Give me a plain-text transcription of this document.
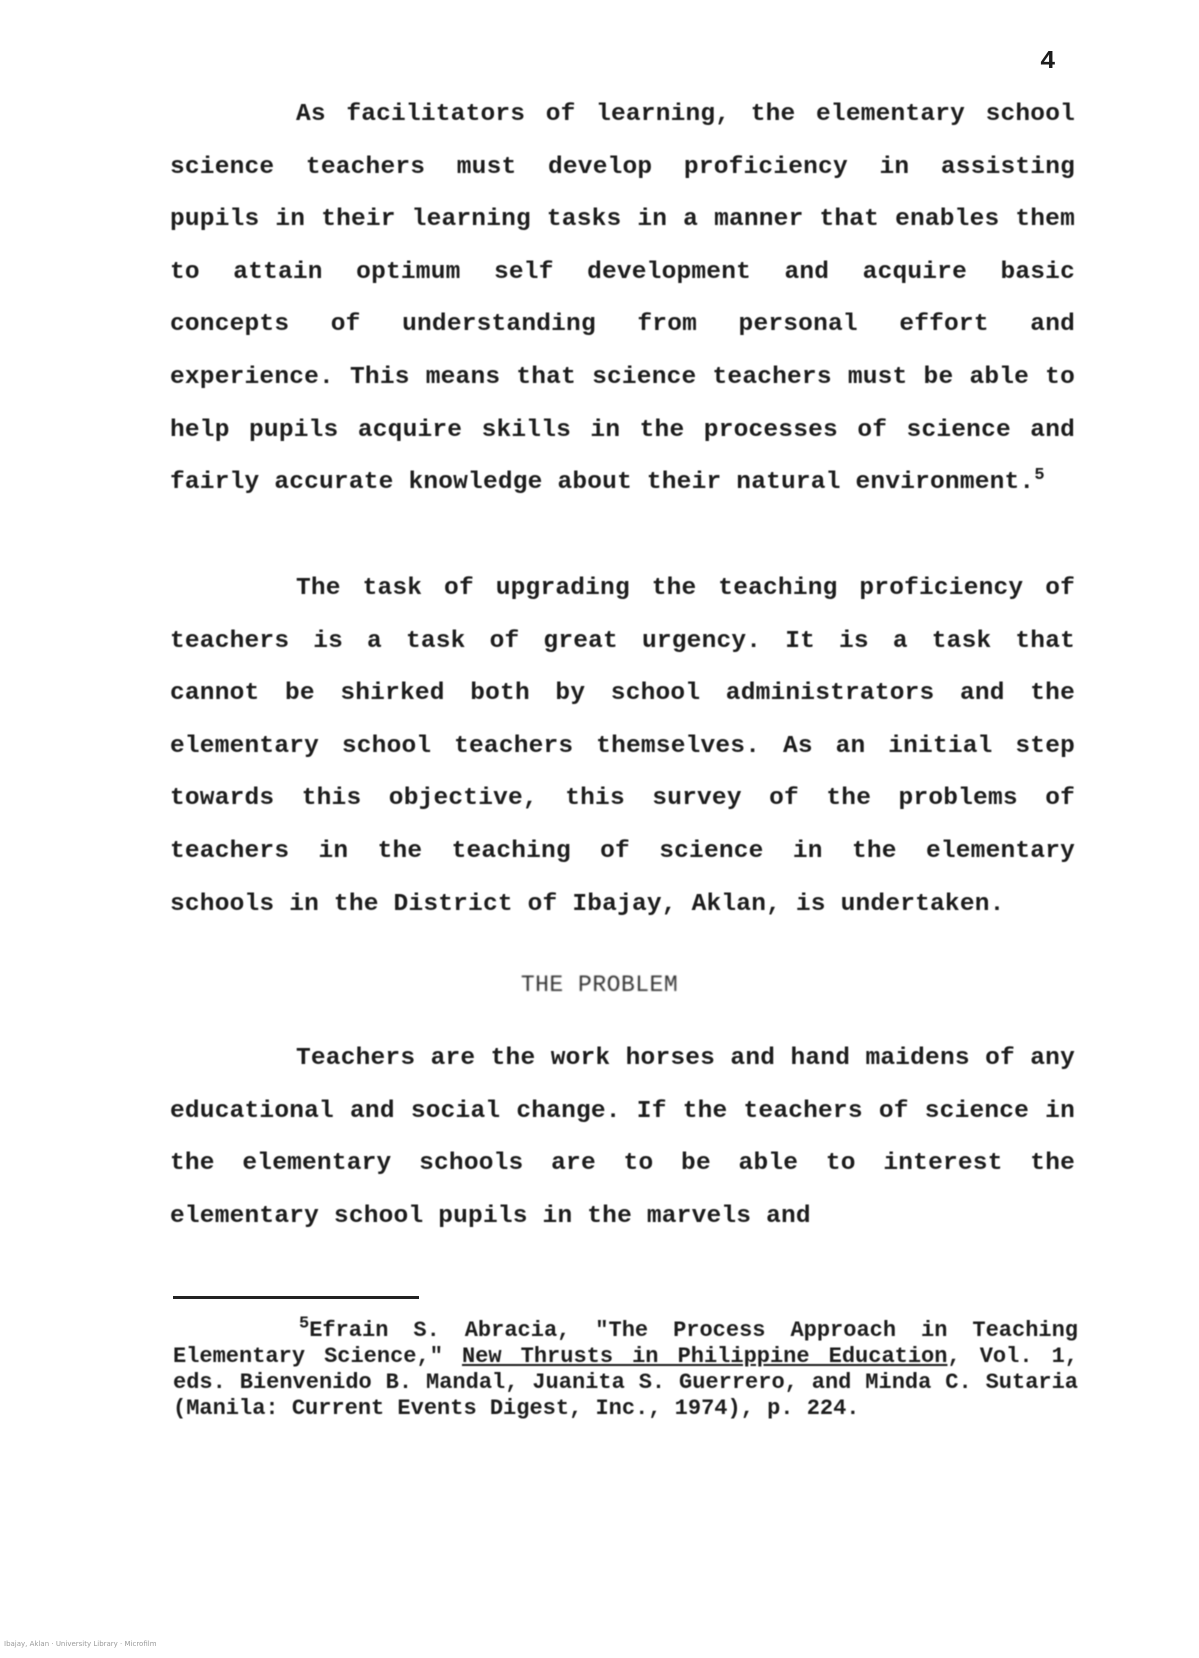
4

As facilitators of learning, the elementary school science teachers must develop proficiency in assisting pupils in their learning tasks in a manner that enables them to attain optimum self development and acquire basic concepts of understanding from personal effort and experience. This means that science teachers must be able to help pupils acquire skills in the processes of science and fairly accurate knowledge about their natural environment.$^5$

The task of upgrading the teaching proficiency of teachers is a task of great urgency. It is a task that cannot be shirked both by school administrators and the elementary school teachers themselves. As an initial step towards this objective, this survey of the problems of teachers in the teaching of science in the elementary schools in the District of Ibajay, Aklan, is undertaken.

THE PROBLEM

Teachers are the work horses and hand maidens of any educational and social change. If the teachers of science in the elementary schools are to be able to interest the elementary school pupils in the marvels and

$^5$Efrain S. Abracia, "The Process Approach in Teaching Elementary Science," New Thrusts in Philippine Education, Vol. 1, eds. Bienvenido B. Mandal, Juanita S. Guerrero, and Minda C. Sutaria (Manila: Current Events Digest, Inc., 1974), p. 224.

Ibajay, Aklan · University Library · Microfilm
